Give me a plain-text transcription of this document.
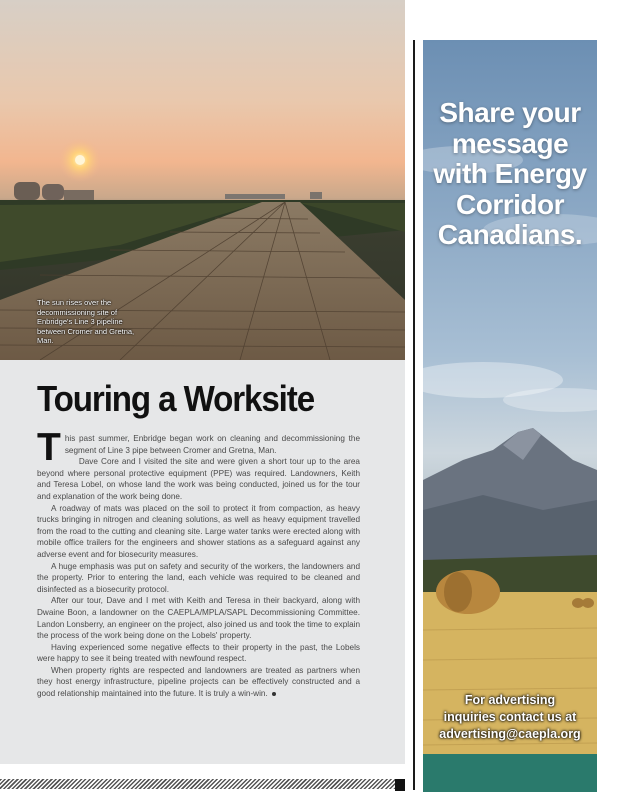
The sun rises over the decommissioning site of Enbridge's Line 3 pipeline between Cromer and Gretna, Man.
Touring a Worksite

This past summer, Enbridge began work on cleaning and decommissioning the segment of Line 3 pipe between Cromer and Gretna, Man.

Dave Core and I visited the site and were given a short tour up to the area beyond where personal protective equipment (PPE) was required. Landowners, Keith and Teresa Lobel, on whose land the work was being conducted, joined us for the tour and explanation of the work being done.

A roadway of mats was placed on the soil to protect it from compaction, as heavy trucks bringing in nitrogen and cleaning solutions, as well as heavy equipment travelled from the road to the cutting and cleaning site. Large water tanks were erected along with mobile office trailers for the engineers and shower stations as a safeguard against any adverse event and for biosecurity measures.

A huge emphasis was put on safety and security of the workers, the landowners and the property. Prior to entering the land, each vehicle was required to be cleaned and disinfected as a biosecurity protocol.

After our tour, Dave and I met with Keith and Teresa in their backyard, along with Dwaine Boon, a landowner on the CAEPLA/MPLA/SAPL Decommissioning Committee. Landon Lonsberry, an engineer on the project, also joined us and took the time to explain the process of the work being done on the Lobels' property.

Having experienced some negative effects to their property in the past, the Lobels were happy to see it being treated with newfound respect.

When property rights are respected and landowners are treated as partners when they host energy infrastructure, pipeline projects can be effectively constructed and a good relationship maintained into the future. It is truly a win-win.

Share your message with Energy Corridor Canadians.
For advertising
inquiries contact us at
advertising@caepla.org
